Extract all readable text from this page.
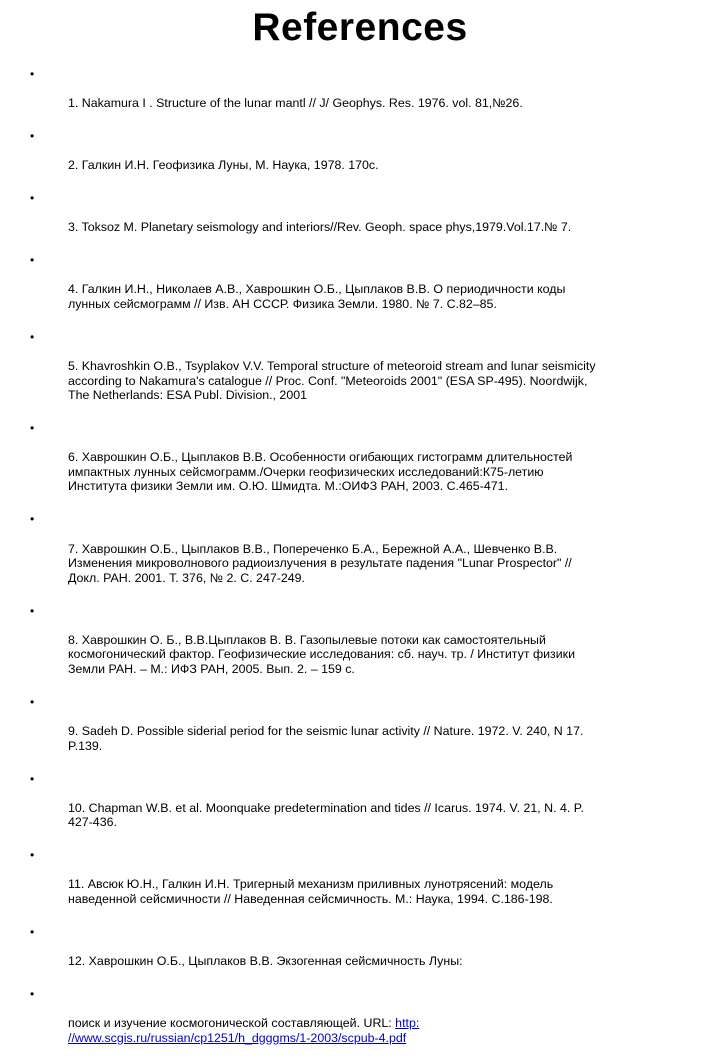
References

•

1. Nakamura I . Structure of the lunar mantl // J/ Geophys. Res. 1976. vol. 81,№26.

•

2. Галкин И.Н. Геофизика Луны, М. Наука, 1978. 170с.

•

3. Toksoz M. Planetary seismology and interiors//Rev. Geoph. space phys,1979.Vol.17.№ 7.

•

4. Галкин И.Н., Николаев А.В., Хаврошкин О.Б., Цыплаков В.В. О периодичности коды
лунных сейсмограмм // Изв. АН СССР. Физика Земли. 1980. № 7. С.82–85.

•

5. Khavroshkin O.B., Tsyplakov V.V. Temporal structure of meteoroid stream and lunar seismicity
according to Nakamura's catalogue // Proc. Conf. "Meteoroids 2001" (ESA SP-495). Noordwijk,
The Netherlands: ESA Publ. Division., 2001

•

6. Хаврошкин О.Б., Цыплаков В.В. Особенности огибающих гистограмм длительностей
импактных лунных сейсмограмм./Очерки геофизических исследований:К75-летию
Института физики Земли им. О.Ю. Шмидта. М.:ОИФЗ РАН, 2003. С.465-471.

•

7. Хаврошкин О.Б., Цыплаков В.В., Попереченко Б.А., Бережной А.А., Шевченко В.В.
Изменения микроволнового радиоизлучения в результате падения "Lunar Prospector" //
Докл. РАН. 2001. Т. 376, № 2. С. 247-249.

•

8. Хаврошкин О. Б., В.В.Цыплаков В. В. Газопылевые потоки как самостоятельный
космогонический фактор. Геофизические исследования: сб. науч. тр. / Институт физики
Земли РАН. – М.: ИФЗ РАН, 2005. Вып. 2. – 159 с.

•

9. Sadeh D. Possible siderial period for the seismic lunar activity // Nature. 1972. V. 240, N 17.
P.139.

•

10. Chapman W.B. et al. Moonquake predetermination and tides // Icarus. 1974. V. 21, N. 4. P.
427-436.

•

11. Авсюк Ю.Н., Галкин И.Н. Тригерный механизм приливных лунотрясений: модель
наведенной сейсмичности // Наведенная сейсмичность. М.: Наука, 1994. С.186-198.

•

12. Хаврошкин О.Б., Цыплаков В.В. Экзогенная сейсмичность Луны:

•

поиск и изучение космогонической составляющей. URL: http:
//www.scgis.ru/russian/cp1251/h_dgggms/1-2003/scpub-4.pdf
